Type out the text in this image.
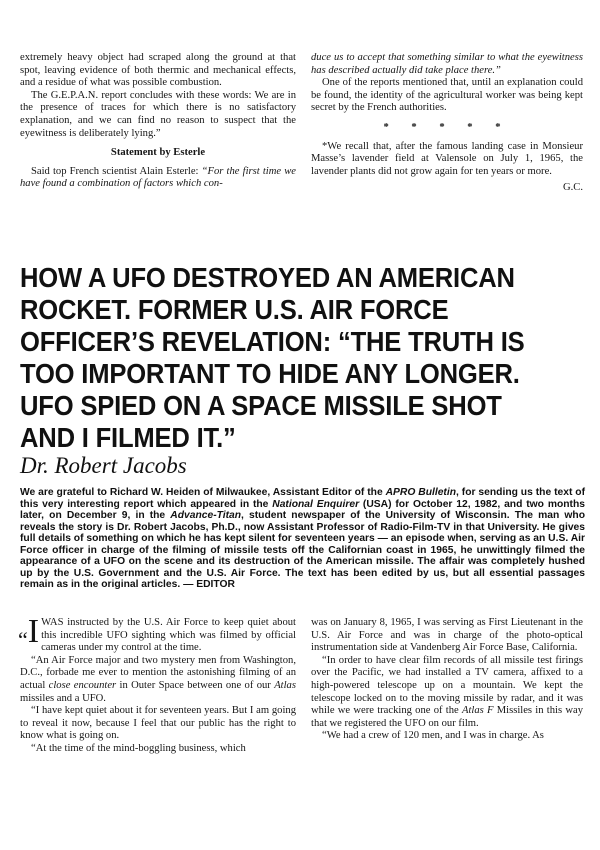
extremely heavy object had scraped along the ground at that spot, leaving evidence of both thermic and mechanical effects, and a residue of what was possible combustion.

The G.E.P.A.N. report concludes with these words: We are in the presence of traces for which there is no satisfactory explanation, and we can find no reason to suspect that the eyewitness is deliberately lying.”

Statement by Esterle

Said top French scientist Alain Esterle: “For the first time we have found a combination of factors which con-

duce us to accept that something similar to what the eyewitness has described actually did take place there.”

One of the reports mentioned that, until an explanation could be found, the identity of the agricultural worker was being kept secret by the French authorities.

* * * * *

*We recall that, after the famous landing case in Monsieur Masse’s lavender field at Valensole on July 1, 1965, the lavender plants did not grow again for ten years or more.

G.C.

HOW A UFO DESTROYED AN AMERICAN
ROCKET. FORMER U.S. AIR FORCE
OFFICER’S REVELATION: “THE TRUTH IS
TOO IMPORTANT TO HIDE ANY LONGER.
UFO SPIED ON A SPACE MISSILE SHOT
AND I FILMED IT.”
Dr. Robert Jacobs
We are grateful to Richard W. Heiden of Milwaukee, Assistant Editor of the APRO Bulletin, for sending us the text of this very interesting report which appeared in the National Enquirer (USA) for October 12, 1982, and two months later, on December 9, in the Advance-Titan, student newspaper of the University of Wisconsin. The man who reveals the story is Dr. Robert Jacobs, Ph.D., now Assistant Professor of Radio-Film-TV in that University. He gives full details of something on which he has kept silent for seventeen years — an episode when, serving as an U.S. Air Force officer in charge of the filming of missile tests off the Californian coast in 1965, he unwittingly filmed the appearance of a UFO on the scene and its destruction of the American missile. The affair was completely hushed up by the U.S. Government and the U.S. Air Force. The text has been edited by us, but all essential passages remain as in the original articles. — EDITOR

“I WAS instructed by the U.S. Air Force to keep quiet about this incredible UFO sighting which was filmed by official cameras under my control at the time.

“An Air Force major and two mystery men from Washington, D.C., forbade me ever to mention the astonishing filming of an actual close encounter in Outer Space between one of our Atlas missiles and a UFO.

“I have kept quiet about it for seventeen years. But I am going to reveal it now, because I feel that our public has the right to know what is going on.

“At the time of the mind-boggling business, which

was on January 8, 1965, I was serving as First Lieutenant in the U.S. Air Force and was in charge of the photo-optical instrumentation side at Vandenberg Air Force Base, California.

“In order to have clear film records of all missile test firings over the Pacific, we had installed a TV camera, affixed to a high-powered telescope up on a mountain. We kept the telescope locked on to the moving missile by radar, and it was while we were tracking one of the Atlas F Missiles in this way that we registered the UFO on our film.

“We had a crew of 120 men, and I was in charge. As
